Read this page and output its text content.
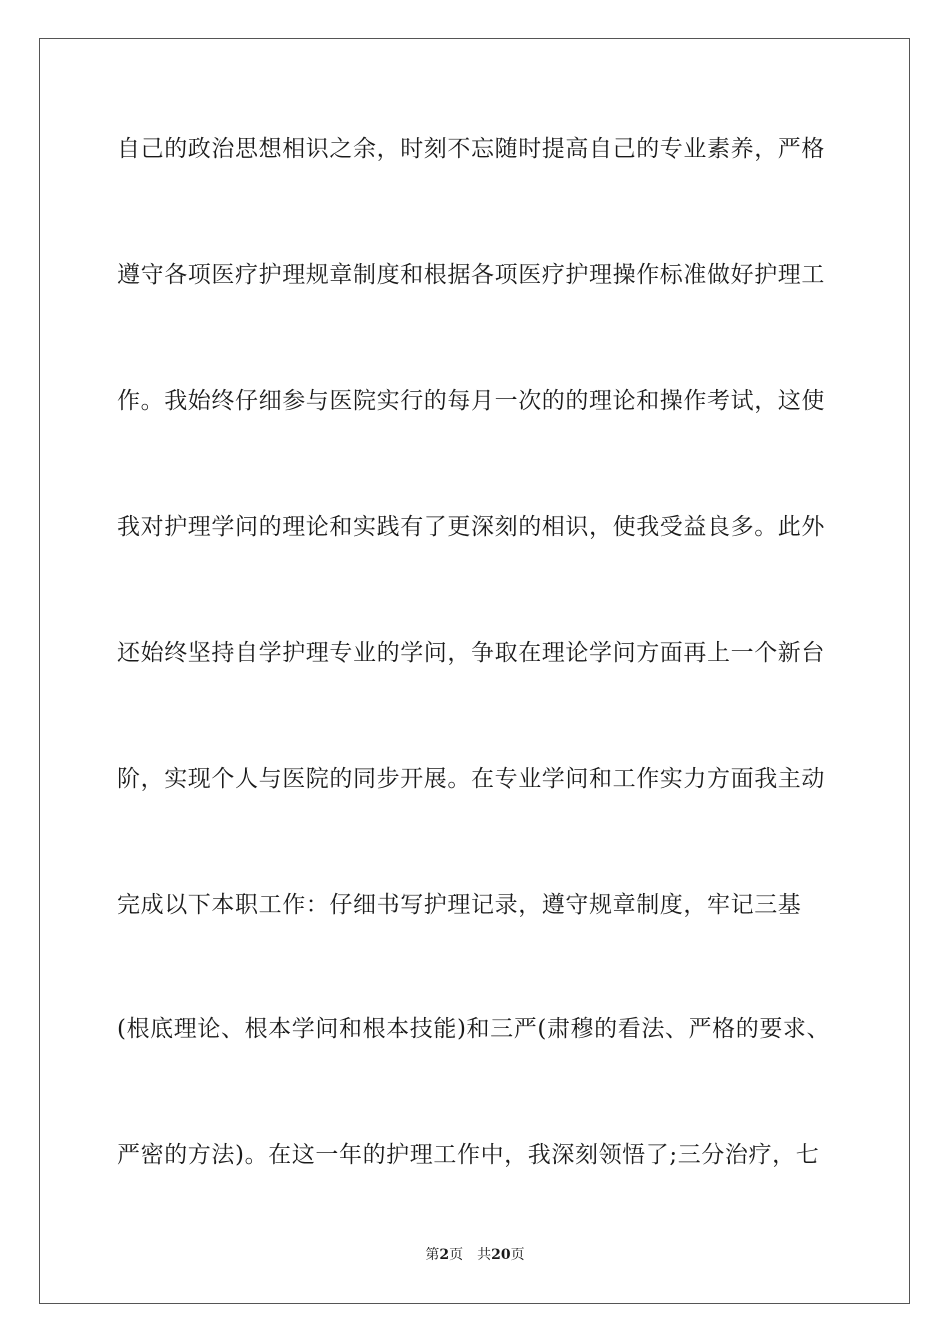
自己的政治思想相识之余，时刻不忘随时提高自己的专业素养，严格
遵守各项医疗护理规章制度和根据各项医疗护理操作标准做好护理工
作。我始终仔细参与医院实行的每月一次的的理论和操作考试，这使
我对护理学问的理论和实践有了更深刻的相识，使我受益良多。此外
还始终坚持自学护理专业的学问，争取在理论学问方面再上一个新台
阶，实现个人与医院的同步开展。在专业学问和工作实力方面我主动
完成以下本职工作：仔细书写护理记录，遵守规章制度，牢记三基
(根底理论、根本学问和根本技能)和三严(肃穆的看法、严格的要求、
严密的方法)。在这一年的护理工作中，我深刻领悟了;三分治疗，七
第2页 共20页
